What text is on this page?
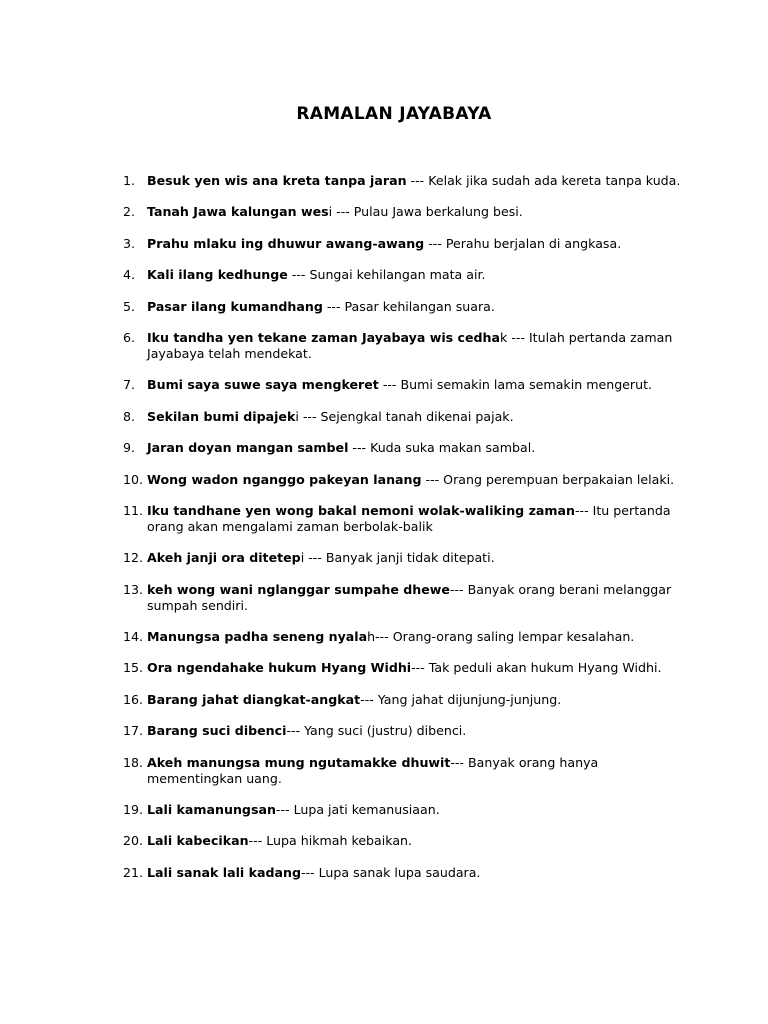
RAMALAN JAYABAYA
1. Besuk yen wis ana kreta tanpa jaran --- Kelak jika sudah ada kereta tanpa kuda.
2. Tanah Jawa kalungan wesi --- Pulau Jawa berkalung besi.
3. Prahu mlaku ing dhuwur awang-awang --- Perahu berjalan di angkasa.
4. Kali ilang kedhunge --- Sungai kehilangan mata air.
5. Pasar ilang kumandhang --- Pasar kehilangan suara.
6. Iku tandha yen tekane zaman Jayabaya wis cedhak --- Itulah pertanda zaman Jayabaya telah mendekat.
7. Bumi saya suwe saya mengkeret --- Bumi semakin lama semakin mengerut.
8. Sekilan bumi dipajeki --- Sejengkal tanah dikenai pajak.
9. Jaran doyan mangan sambel --- Kuda suka makan sambal.
10. Wong wadon nganggo pakeyan lanang --- Orang perempuan berpakaian lelaki.
11. Iku tandhane yen wong bakal nemoni wolak-waliking zaman--- Itu pertanda orang akan mengalami zaman berbolak-balik
12. Akeh janji ora ditetepi --- Banyak janji tidak ditepati.
13. keh wong wani nglanggar sumpahe dhewe--- Banyak orang berani melanggar sumpah sendiri.
14. Manungsa padha seneng nyalah--- Orang-orang saling lempar kesalahan.
15. Ora ngendahake hukum Hyang Widhi--- Tak peduli akan hukum Hyang Widhi.
16. Barang jahat diangkat-angkat--- Yang jahat dijunjung-junjung.
17. Barang suci dibenci--- Yang suci (justru) dibenci.
18. Akeh manungsa mung ngutamakke dhuwit--- Banyak orang hanya mementingkan uang.
19. Lali kamanungsan--- Lupa jati kemanusiaan.
20. Lali kabecikan--- Lupa hikmah kebaikan.
21. Lali sanak lali kadang--- Lupa sanak lupa saudara.
